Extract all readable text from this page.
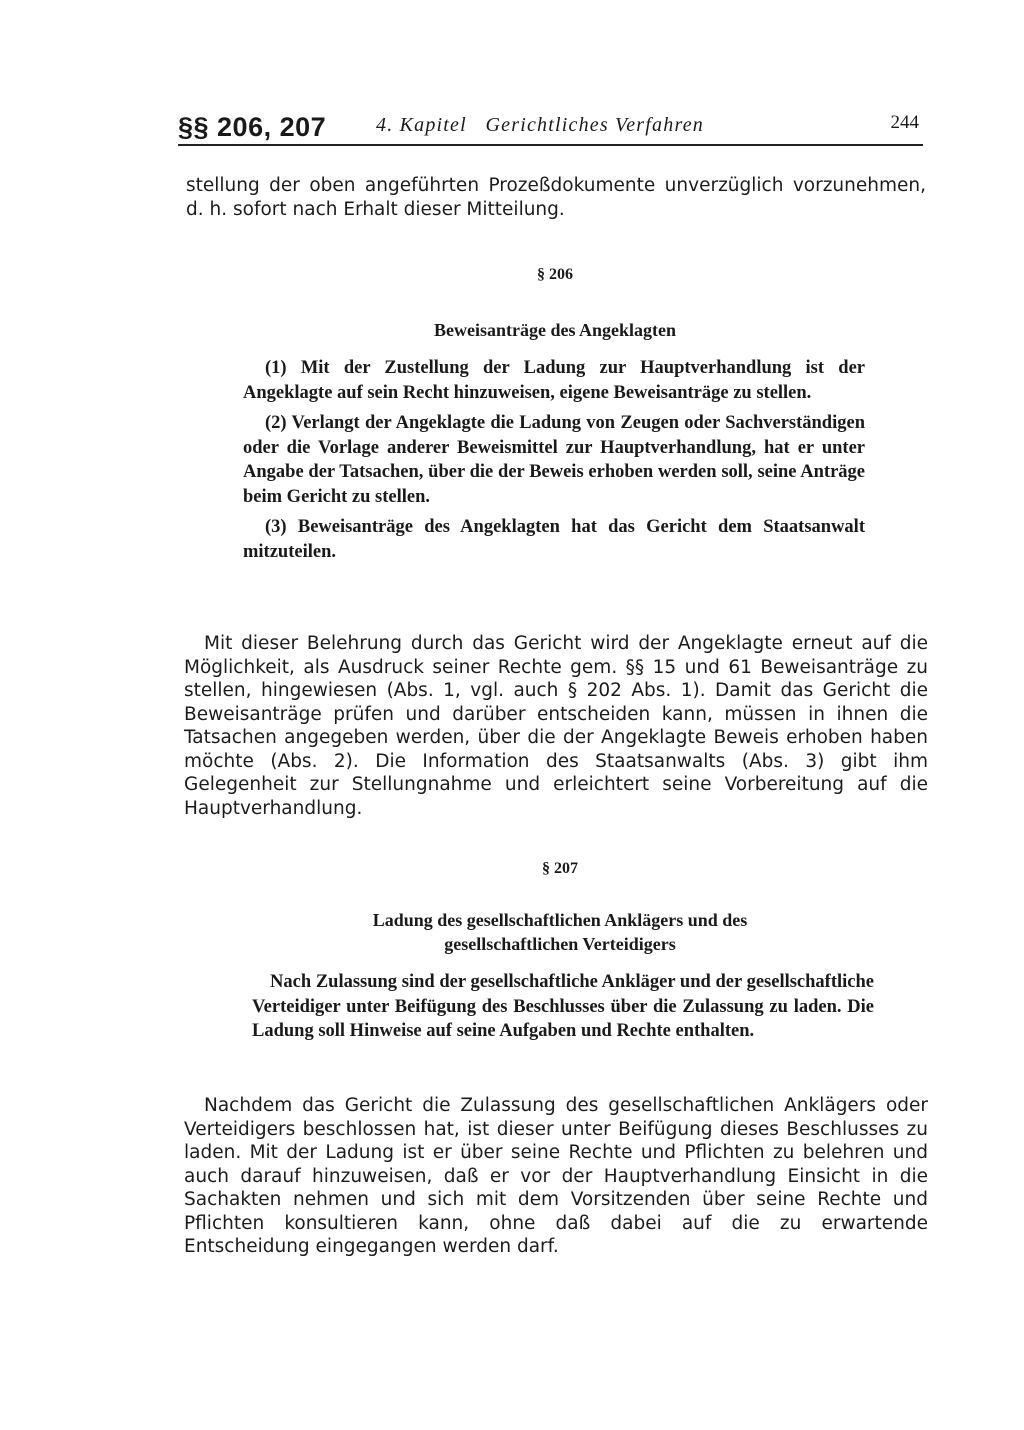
§§ 206, 207 4. Kapitel   Gerichtliches Verfahren	244
stellung der oben angeführten Prozeßdokumente unverzüglich vorzunehmen, d. h. sofort nach Erhalt dieser Mitteilung.
§ 206
Beweisanträge des Angeklagten

(1) Mit der Zustellung der Ladung zur Hauptverhandlung ist der Angeklagte auf sein Recht hinzuweisen, eigene Beweisanträge zu stellen.

(2) Verlangt der Angeklagte die Ladung von Zeugen oder Sachverständigen oder die Vorlage anderer Beweismittel zur Hauptverhandlung, hat er unter Angabe der Tatsachen, über die der Beweis erhoben werden soll, seine Anträge beim Gericht zu stellen.

(3) Beweisanträge des Angeklagten hat das Gericht dem Staatsanwalt mitzuteilen.

Mit dieser Belehrung durch das Gericht wird der Angeklagte erneut auf die Möglichkeit, als Ausdruck seiner Rechte gem. §§ 15 und 61 Beweisanträge zu stellen, hingewiesen (Abs. 1, vgl. auch § 202 Abs. 1). Damit das Gericht die Beweisanträge prüfen und darüber entscheiden kann, müssen in ihnen die Tatsachen angegeben werden, über die der Angeklagte Beweis erhoben haben möchte (Abs. 2). Die Information des Staatsanwalts (Abs. 3) gibt ihm Gelegenheit zur Stellungnahme und erleichtert seine Vorbereitung auf die Hauptverhandlung.

§ 207
Ladung des gesellschaftlichen Anklägers und des
gesellschaftlichen Verteidigers

Nach Zulassung sind der gesellschaftliche Ankläger und der gesellschaftliche Verteidiger unter Beifügung des Beschlusses über die Zulassung zu laden. Die Ladung soll Hinweise auf seine Aufgaben und Rechte enthalten.

Nachdem das Gericht die Zulassung des gesellschaftlichen Anklägers oder Verteidigers beschlossen hat, ist dieser unter Beifügung dieses Beschlusses zu laden. Mit der Ladung ist er über seine Rechte und Pflichten zu belehren und auch darauf hinzuweisen, daß er vor der Hauptverhandlung Einsicht in die Sachakten nehmen und sich mit dem Vorsitzenden über seine Rechte und Pflichten konsultieren kann, ohne daß dabei auf die zu erwartende Entscheidung eingegangen werden darf.
